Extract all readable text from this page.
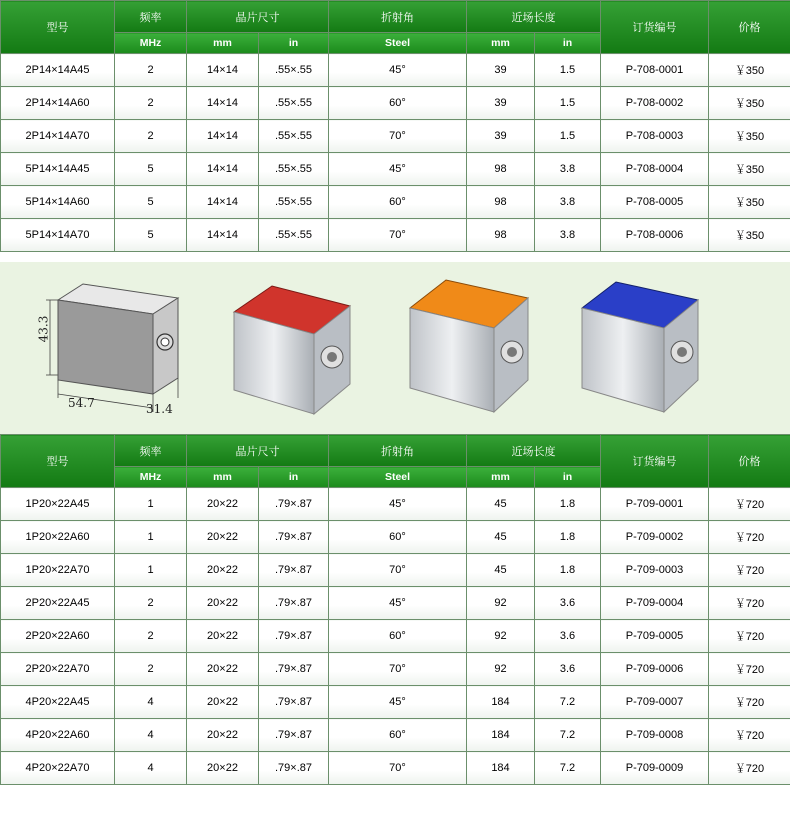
型号	频率	晶片尺寸		折射角	近场长度		订货编号	价格
	MHz	mm	in	Steel	mm	in		
2P14×14A45	2	14×14	.55×.55	45°	39	1.5	P-708-0001	￥350
2P14×14A60	2	14×14	.55×.55	60°	39	1.5	P-708-0002	￥350
2P14×14A70	2	14×14	.55×.55	70°	39	1.5	P-708-0003	￥350
5P14×14A45	5	14×14	.55×.55	45°	98	3.8	P-708-0004	￥350
5P14×14A60	5	14×14	.55×.55	60°	98	3.8	P-708-0005	￥350
5P14×14A70	5	14×14	.55×.55	70°	98	3.8	P-708-0006	￥350
43.3
54.7	31.4
型号	频率	晶片尺寸		折射角	近场长度		订货编号	价格
	MHz	mm	in	Steel	mm	in		
1P20×22A45	1	20×22	.79×.87	45°	45	1.8	P-709-0001	￥720
1P20×22A60	1	20×22	.79×.87	60°	45	1.8	P-709-0002	￥720
1P20×22A70	1	20×22	.79×.87	70°	45	1.8	P-709-0003	￥720
2P20×22A45	2	20×22	.79×.87	45°	92	3.6	P-709-0004	￥720
2P20×22A60	2	20×22	.79×.87	60°	92	3.6	P-709-0005	￥720
2P20×22A70	2	20×22	.79×.87	70°	92	3.6	P-709-0006	￥720
4P20×22A45	4	20×22	.79×.87	45°	184	7.2	P-709-0007	￥720
4P20×22A60	4	20×22	.79×.87	60°	184	7.2	P-709-0008	￥720
4P20×22A70	4	20×22	.79×.87	70°	184	7.2	P-709-0009	￥720
